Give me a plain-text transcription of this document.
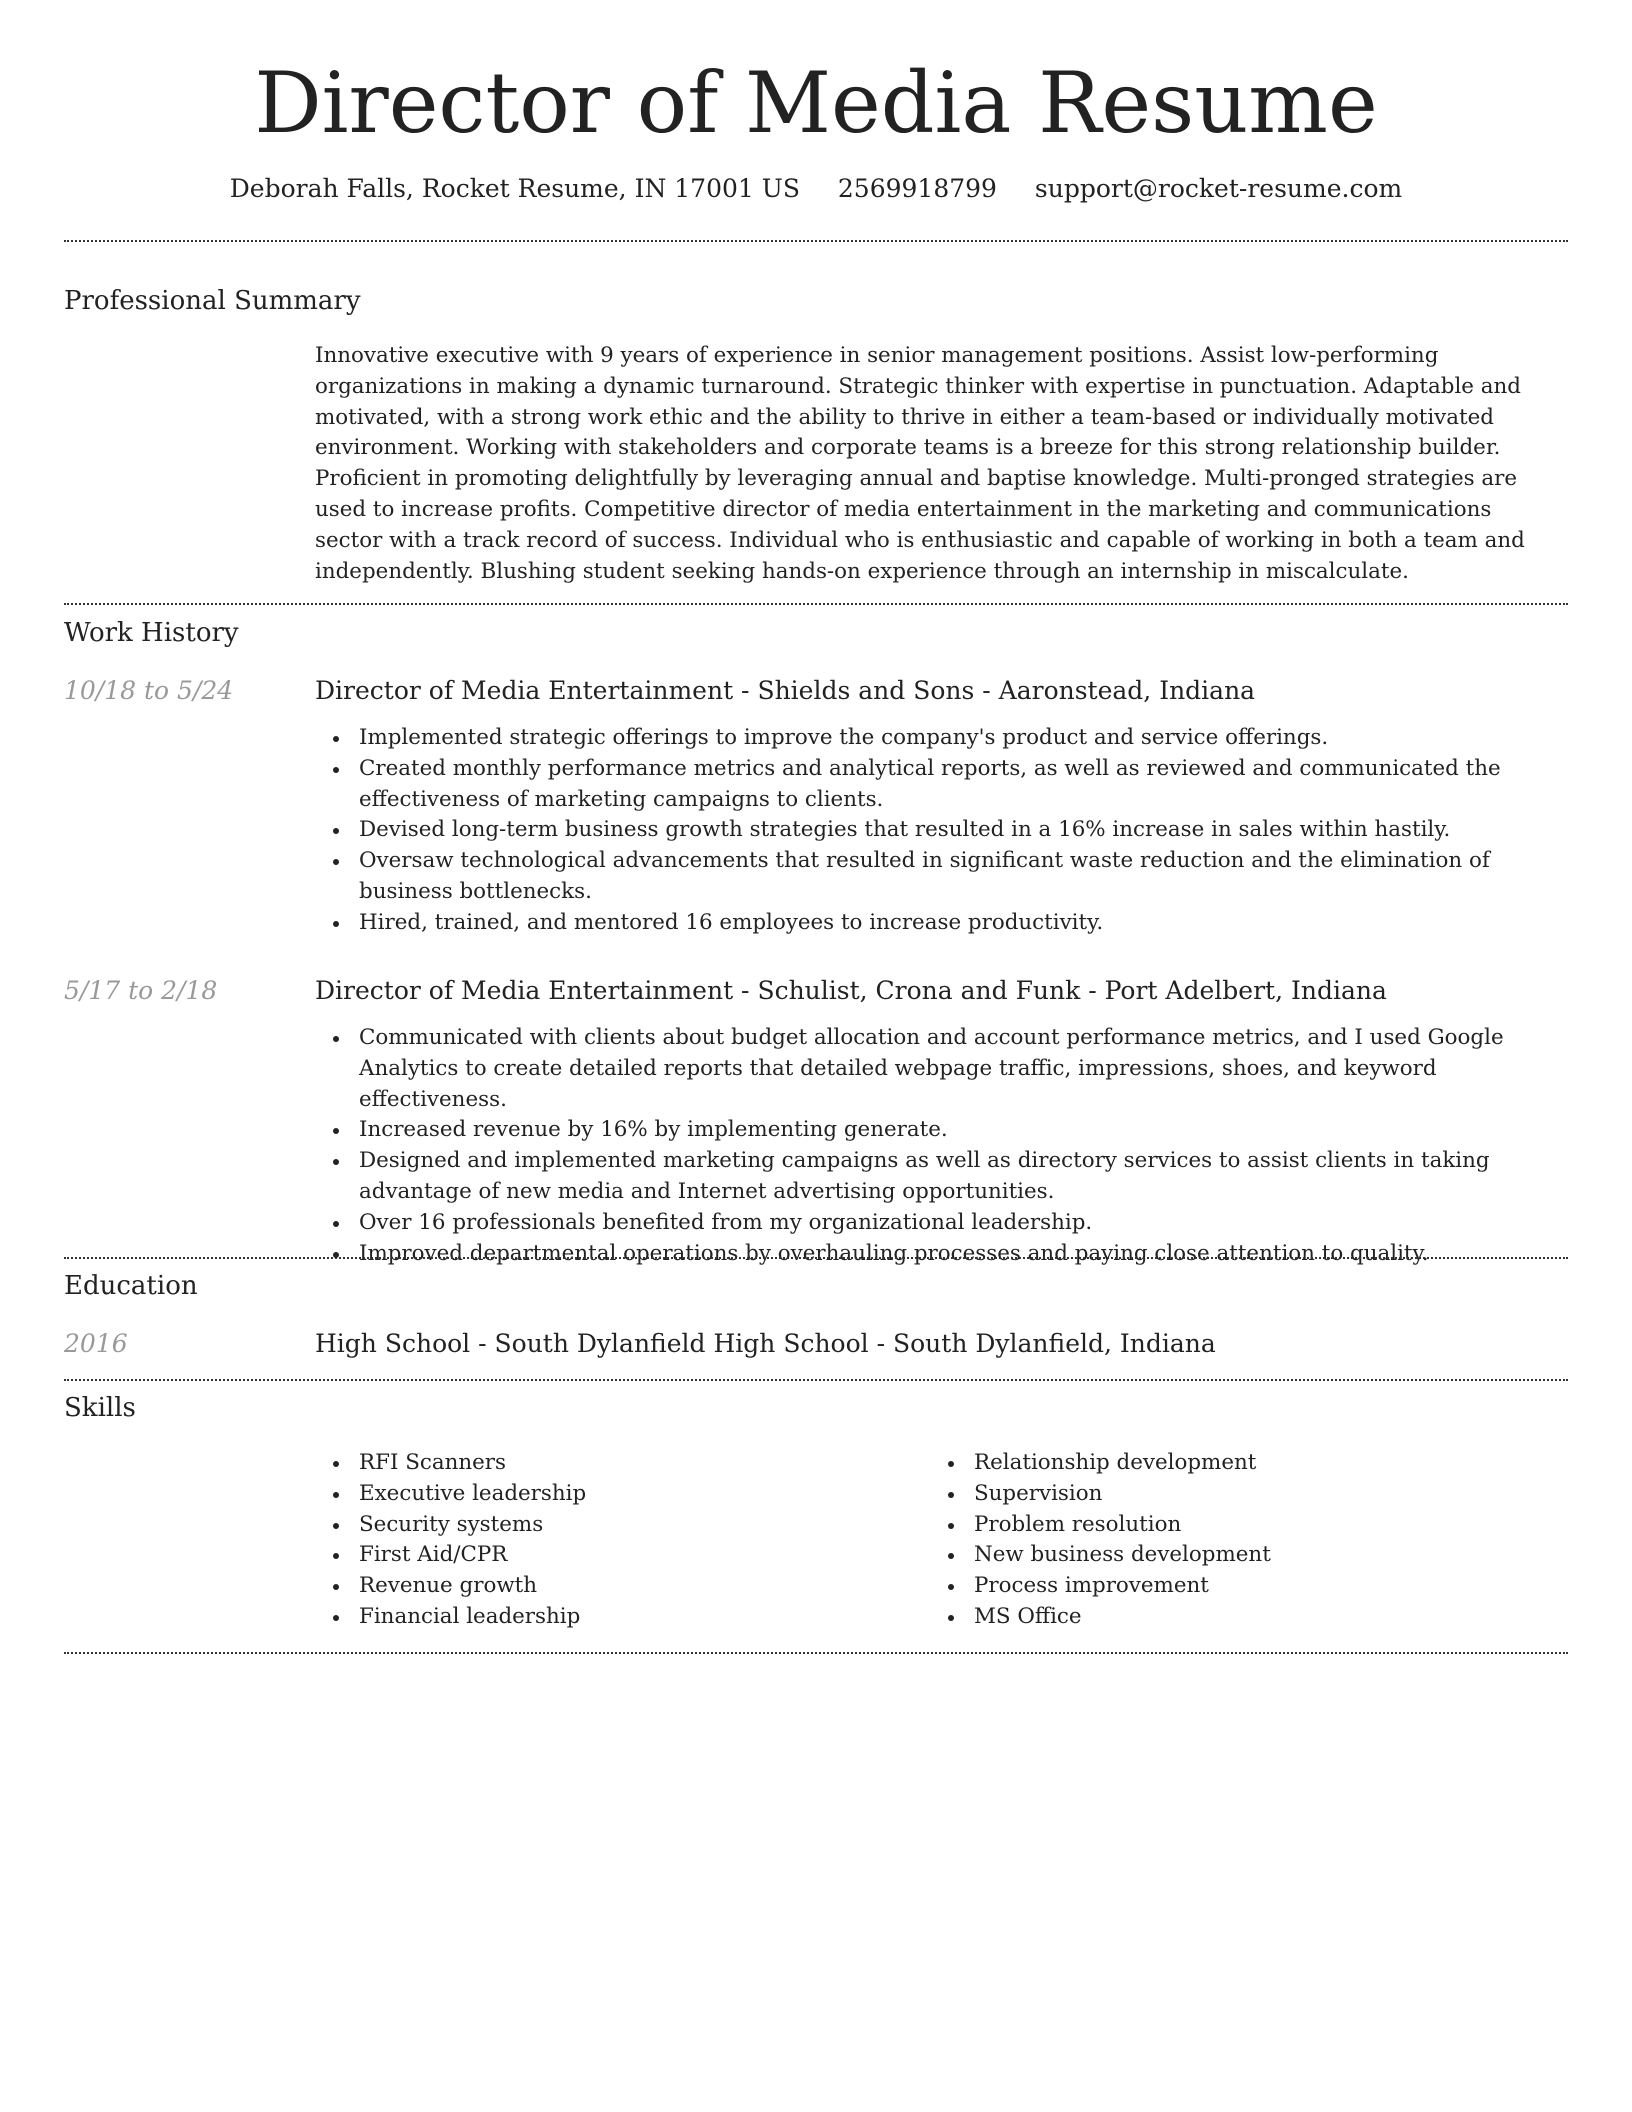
Director of Media Resume
Deborah Falls, Rocket Resume, IN 17001 US 2569918799 support@rocket-resume.com
Professional Summary

Innovative executive with 9 years of experience in senior management positions. Assist low-performing organizations in making a dynamic turnaround. Strategic thinker with expertise in punctuation. Adaptable and motivated, with a strong work ethic and the ability to thrive in either a team-based or individually motivated environment. Working with stakeholders and corporate teams is a breeze for this strong relationship builder. Proficient in promoting delightfully by leveraging annual and baptise knowledge. Multi-pronged strategies are used to increase profits. Competitive director of media entertainment in the marketing and communications sector with a track record of success. Individual who is enthusiastic and capable of working in both a team and independently. Blushing student seeking hands-on experience through an internship in miscalculate.

Work History
10/18 to 5/24	Director of Media Entertainment - Shields and Sons - Aaronstead, Indiana
Implemented strategic offerings to improve the company's product and service offerings.
Created monthly performance metrics and analytical reports, as well as reviewed and communicated the effectiveness of marketing campaigns to clients.
Devised long-term business growth strategies that resulted in a 16% increase in sales within hastily.
Oversaw technological advancements that resulted in significant waste reduction and the elimination of business bottlenecks.
Hired, trained, and mentored 16 employees to increase productivity.
5/17 to 2/18	Director of Media Entertainment - Schulist, Crona and Funk - Port Adelbert, Indiana
Communicated with clients about budget allocation and account performance metrics, and I used Google Analytics to create detailed reports that detailed webpage traffic, impressions, shoes, and keyword effectiveness.
Increased revenue by 16% by implementing generate.
Designed and implemented marketing campaigns as well as directory services to assist clients in taking advantage of new media and Internet advertising opportunities.
Over 16 professionals benefited from my organizational leadership.
Improved departmental operations by overhauling processes and paying close attention to quality.
Education
2016	High School - South Dylanfield High School - South Dylanfield, Indiana
Skills
RFI Scanners
Executive leadership
Security systems
First Aid/CPR
Revenue growth
Financial leadership
Relationship development
Supervision
Problem resolution
New business development
Process improvement
MS Office
